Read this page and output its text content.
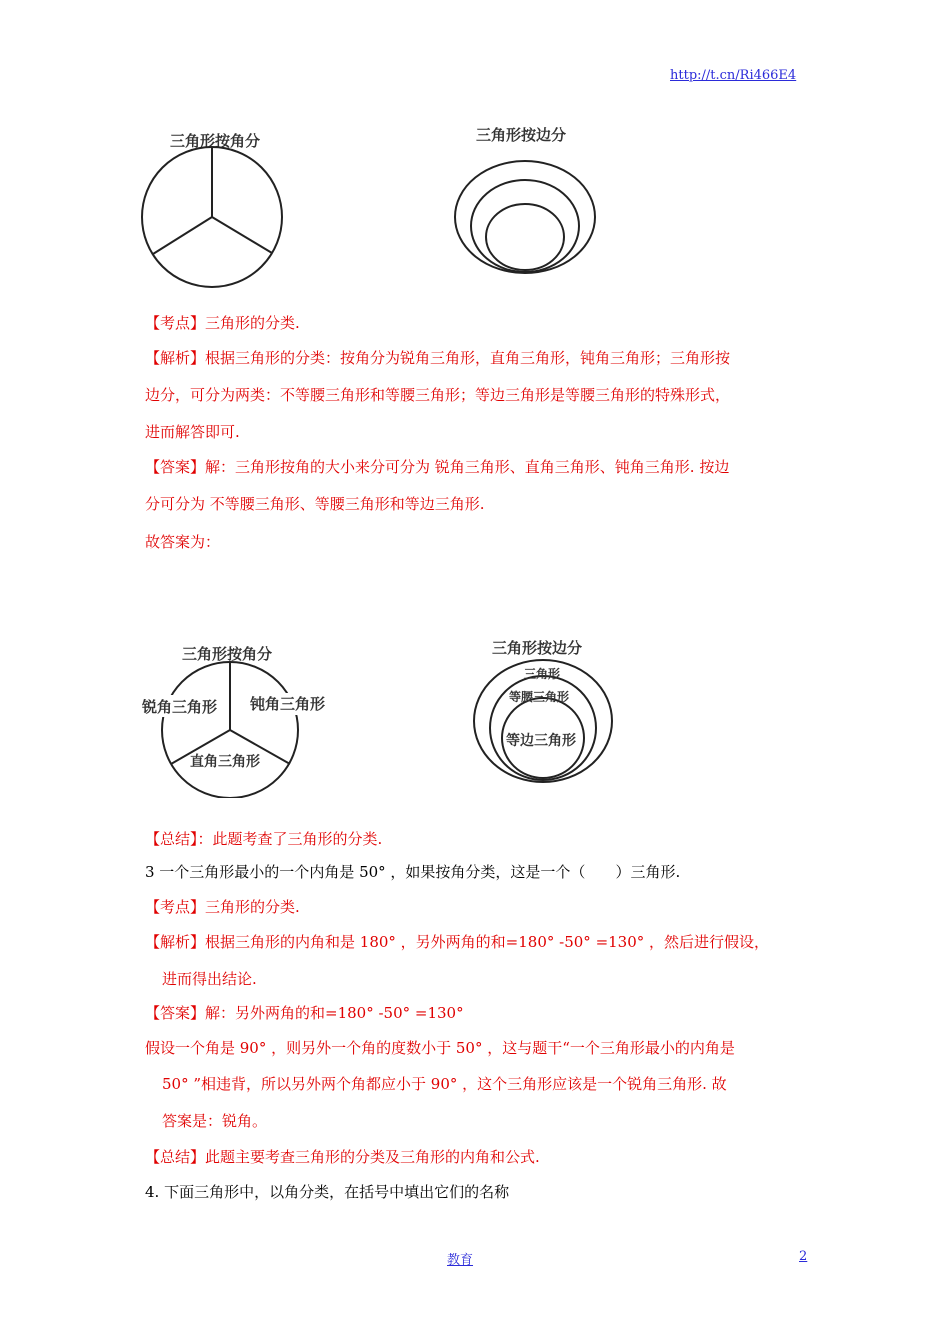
http://t.cn/Ri466E4
三角形按角分	三角形按边分
【考点】三角形的分类.
【解析】根据三角形的分类：按角分为锐角三角形，直角三角形，钝角三角形；三角形按
边分，可分为两类：不等腰三角形和等腰三角形；等边三角形是等腰三角形的特殊形式，
进而解答即可.
【答案】解：三角形按角的大小来分可分为 锐角三角形、直角三角形、钝角三角形. 按边
分可分为 不等腰三角形、等腰三角形和等边三角形.
故答案为：
三角形按角分
锐角三角形 钝角三角形
直角三角形
三角形按边分
三角形
等腰三角形
等边三角形
【总结】：此题考查了三角形的分类.
3 一个三角形最小的一个内角是 50° ，如果按角分类，这是一个（　　）三角形.
【考点】三角形的分类.
【解析】根据三角形的内角和是 180° ，另外两角的和=180° -50° =130° ，然后进行假设，
进而得出结论.
【答案】解：另外两角的和=180° -50° =130°
假设一个角是 90° ，则另外一个角的度数小于 50° ，这与题干“一个三角形最小的内角是
50° ”相违背，所以另外两个角都应小于 90° ，这个三角形应该是一个锐角三角形. 故
答案是：锐角。
【总结】此题主要考查三角形的分类及三角形的内角和公式.
4. 下面三角形中，以角分类，在括号中填出它们的名称
教育	2
